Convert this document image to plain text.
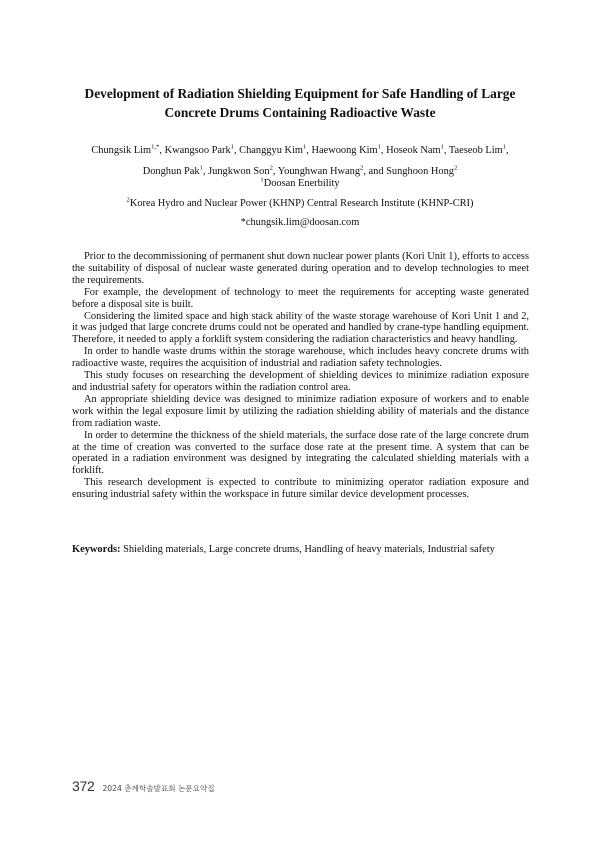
Development of Radiation Shielding Equipment for Safe Handling of Large
Concrete Drums Containing Radioactive Waste
Chungsik Lim$^{1,*}$, Kwangsoo Park$^1$, Changgyu Kim$^1$, Haewoong Kim$^1$, Hoseok Nam$^1$, Taeseob Lim$^1$,
Donghun Pak$^1$, Jungkwon Son$^2$, Younghwan Hwang$^2$, and Sunghoon Hong$^2$
$^1$Doosan Enerbility
$^2$Korea Hydro and Nuclear Power (KHNP) Central Research Institute (KHNP-CRI)
*chungsik.lim@doosan.com

Prior to the decommissioning of permanent shut down nuclear power plants (Kori Unit 1), efforts to access the suitability of disposal of nuclear waste generated during operation and to develop technologies to meet the requirements.

For example, the development of technology to meet the requirements for accepting waste generated before a disposal site is built.

Considering the limited space and high stack ability of the waste storage warehouse of Kori Unit 1 and 2, it was judged that large concrete drums could not be operated and handled by crane-type handling equipment. Therefore, it needed to apply a forklift system considering the radiation characteristics and heavy handling.

In order to handle waste drums within the storage warehouse, which includes heavy concrete drums with radioactive waste, requires the acquisition of industrial and radiation safety technologies.

This study focuses on researching the development of shielding devices to minimize radiation exposure and industrial safety for operators within the radiation control area.

An appropriate shielding device was designed to minimize radiation exposure of workers and to enable work within the legal exposure limit by utilizing the radiation shielding ability of materials and the distance from radiation waste.

In order to determine the thickness of the shield materials, the surface dose rate of the large concrete drum at the time of creation was converted to the surface dose rate at the present time. A system that can be operated in a radiation environment was designed by integrating the calculated shielding materials with a forklift.

This research development is expected to contribute to minimizing operator radiation exposure and ensuring industrial safety within the workspace in future similar device development processes.

Keywords: Shielding materials, Large concrete drums, Handling of heavy materials, Industrial safety
372 2024 춘계학술발표회 논문요약집
